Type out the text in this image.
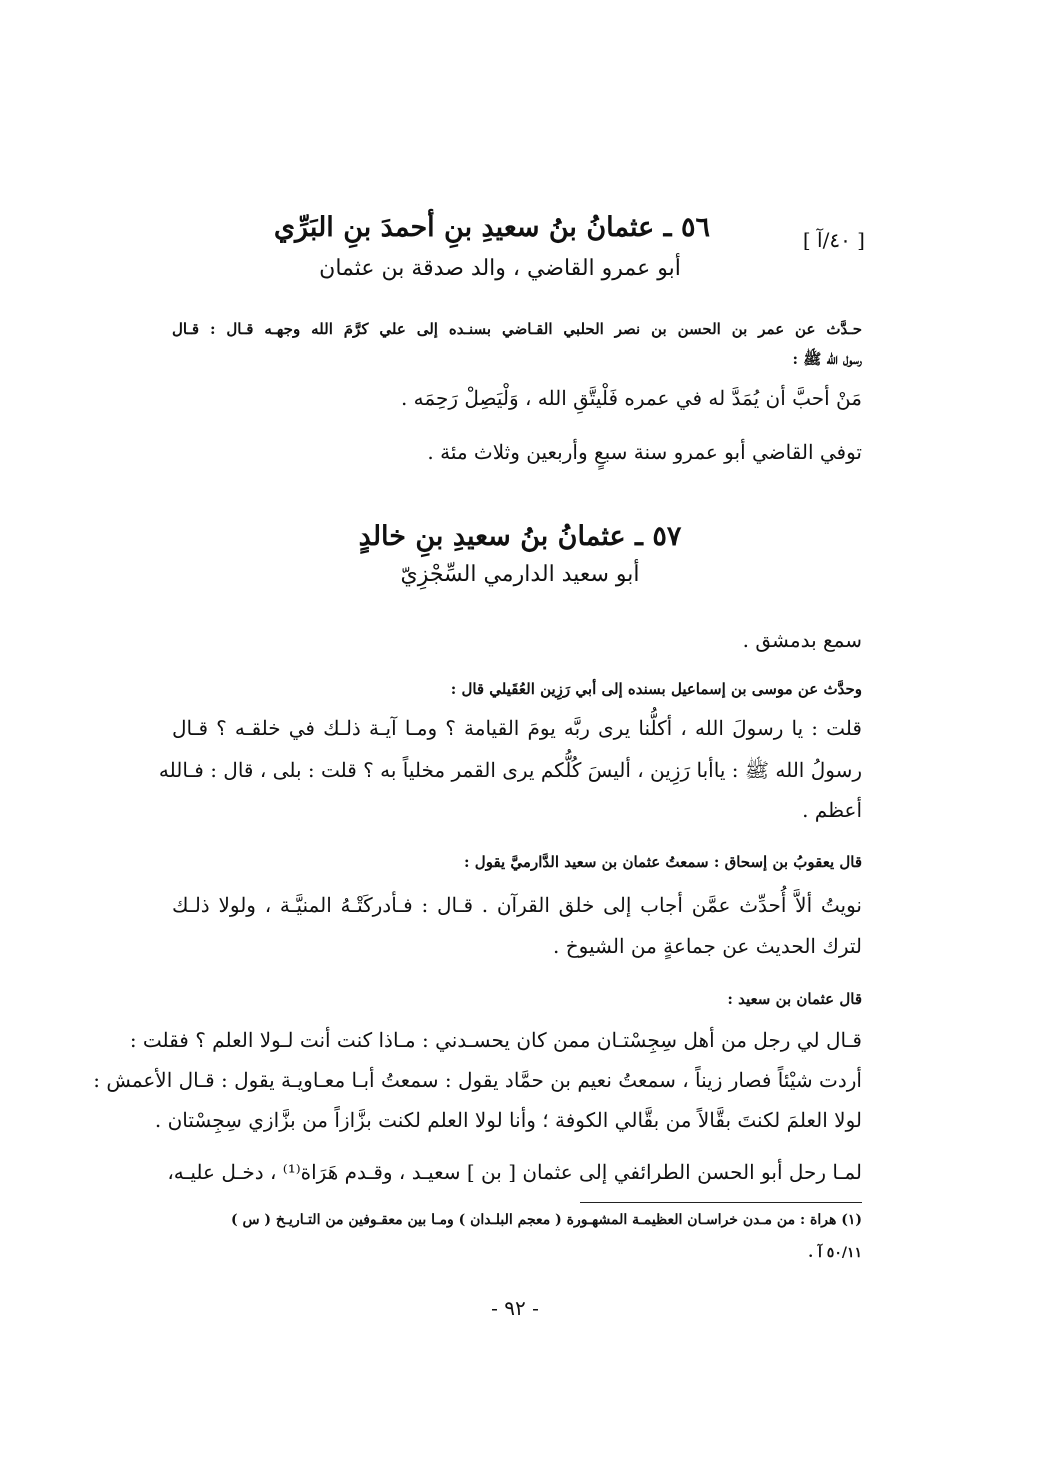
[ ٤٠/آ ]
٥٦ ـ عثمانُ بنُ سعيدِ بنِ أحمدَ بنِ البَرِّي
أبو عمرو القاضي ، والد صدقة بن عثمان
حـدَّث عن عمر بن الحسن بن نصر الحلبي القـاضي بسنـده إلى علي كرَّمَ الله وجهـه قـال : قـال
رسول الله ﷺ :
مَنْ أحبَّ أن يُمَدَّ له في عمره فَلْيتَّقِ الله ، وَلْيَصِلْ رَحِمَه .
توفي القاضي أبو عمرو سنة سبعٍ وأربعين وثلاث مئة .
٥٧ ـ عثمانُ بنُ سعيدِ بنِ خالدٍ
أبو سعيد الدارمي السِّجْزِيّ
سمع بدمشق .
وحدَّث عن موسى بن إسماعيل بسنده إلى أبي رَزِين العُقَيلي قال :
قلت : يا رسولَ الله ، أكلُّنا يرى ربَّه يومَ القيامة ؟ ومـا آيـة ذلـك في خلقـه ؟ قـال
رسولُ الله ﷺ : ياأبا رَزِين ، أليسَ كُلُّكم يرى القمر مخلياً به ؟ قلت : بلى ، قال : فـالله
أعظم .
قال يعقوبُ بن إسحاق : سمعتُ عثمان بن سعيد الدَّارميَّ يقول :
نويتُ ألاَّ أُحدِّث عمَّن أجاب إلى خلق القرآن . قـال : فـأدركَتْـهُ المنيَّـة ، ولولا ذلـك
لترك الحديث عن جماعةٍ من الشيوخ .
قال عثمان بن سعيد :
قـال لي رجل من أهل سِجِسْتـان ممن كان يحسـدني : مـاذا كنت أنت لـولا العلم ؟ فقلت :
أردت شيْئاً فصار زيناً ، سمعتُ نعيم بن حمَّاد يقول : سمعتُ أبـا معـاويـة يقول : قـال الأعمش :
لولا العلمَ لكنتَ بقَّالاً من بقَّالي الكوفة ؛ وأنا لولا العلم لكنت بزَّازاً من بزَّازي سِجِسْتان .
لمـا رحل أبو الحسن الطرائفي إلى عثمان [ بن ] سعيـد ، وقـدم هَرَاة⁽¹⁾ ، دخـل عليـه،
(١) هراة : من مـدن خراسـان العظيمـة المشهـورة ( معجم البلـدان ) ومـا بين معقـوفين من التـاريـخ ( س )
٥٠/١١ آ .
- ٩٢ -
